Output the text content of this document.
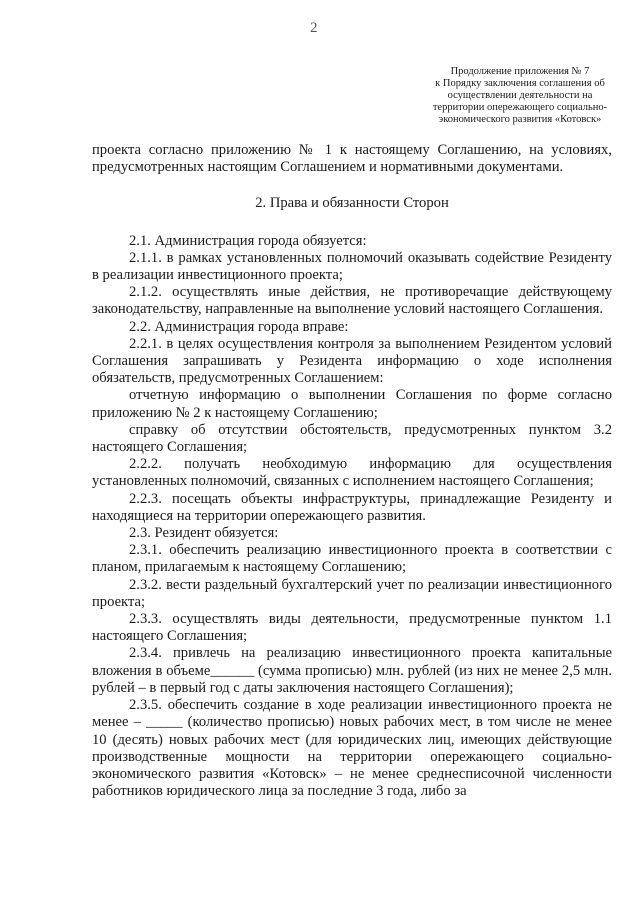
2
Продолжение приложения № 7
к Порядку заключения соглашения об
осуществлении деятельности на
территории опережающего социально-
экономического развития «Котовск»

проекта согласно приложению № 1 к настоящему Соглашению, на условиях, предусмотренных настоящим Соглашением и нормативными документами.

2. Права и обязанности Сторон

2.1. Администрация города обязуется:

2.1.1. в рамках установленных полномочий оказывать содействие Резиденту в реализации инвестиционного проекта;

2.1.2. осуществлять иные действия, не противоречащие действующему законодательству, направленные на выполнение условий настоящего Соглашения.

2.2. Администрация города вправе:

2.2.1. в целях осуществления контроля за выполнением Резидентом условий Соглашения запрашивать у Резидента информацию о ходе исполнения обязательств, предусмотренных Соглашением:

отчетную информацию о выполнении Соглашения по форме согласно приложению № 2 к настоящему Соглашению;

справку об отсутствии обстоятельств, предусмотренных пунктом 3.2 настоящего Соглашения;

2.2.2. получать необходимую информацию для осуществления установленных полномочий, связанных с исполнением настоящего Соглашения;

2.2.3. посещать объекты инфраструктуры, принадлежащие Резиденту и находящиеся на территории опережающего развития.

2.3. Резидент обязуется:

2.3.1. обеспечить реализацию инвестиционного проекта в соответствии с планом, прилагаемым к настоящему Соглашению;

2.3.2. вести раздельный бухгалтерский учет по реализации инвестиционного проекта;

2.3.3. осуществлять виды деятельности, предусмотренные пунктом 1.1 настоящего Соглашения;

2.3.4. привлечь на реализацию инвестиционного проекта капитальные вложения в объеме______ (сумма прописью) млн. рублей (из них не менее 2,5 млн. рублей – в первый год с даты заключения настоящего Соглашения);

2.3.5. обеспечить создание в ходе реализации инвестиционного проекта не менее – _____ (количество прописью) новых рабочих мест, в том числе не менее 10 (десять) новых рабочих мест (для юридических лиц, имеющих действующие производственные мощности на территории опережающего социально-экономического развития «Котовск» – не менее среднесписочной численности работников юридического лица за последние 3 года, либо за
